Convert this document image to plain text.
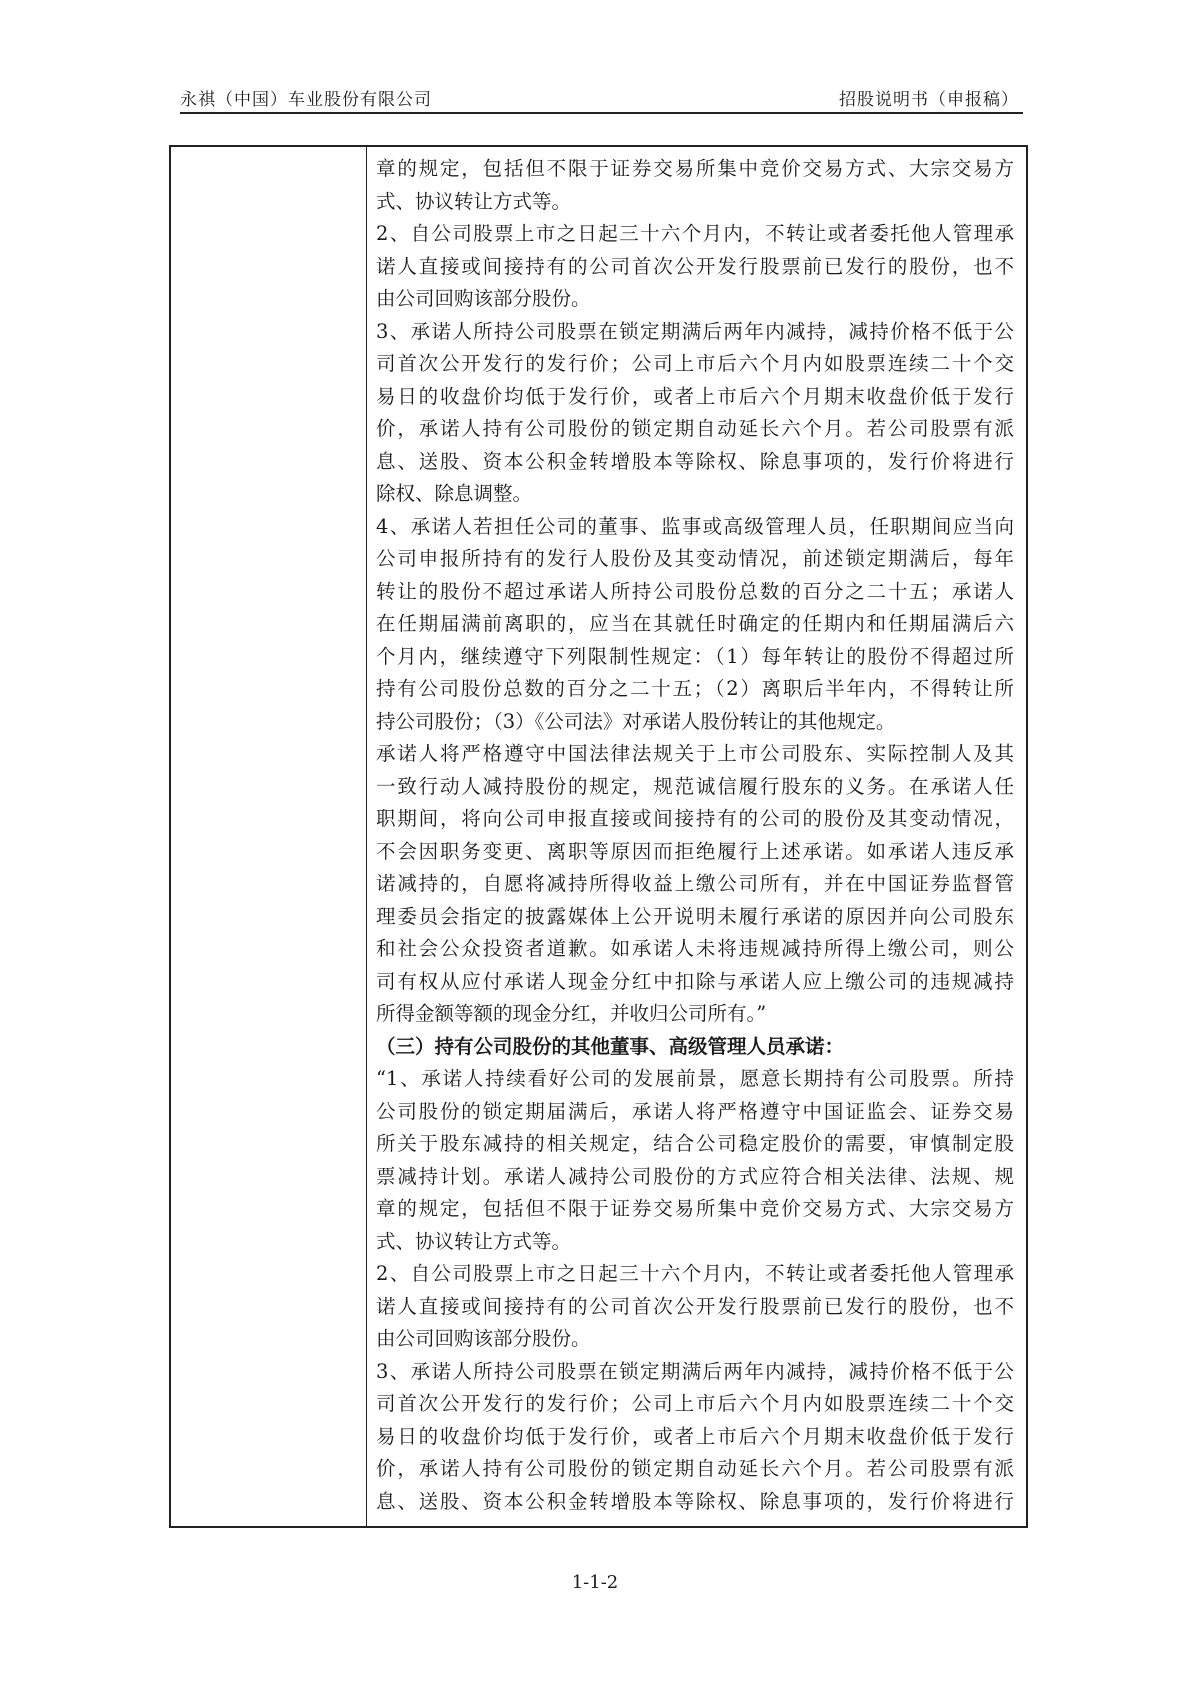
永祺（中国）车业股份有限公司	招股说明书（申报稿）
章的规定，包括但不限于证券交易所集中竞价交易方式、大宗交易方
式、协议转让方式等。
2、自公司股票上市之日起三十六个月内，不转让或者委托他人管理承
诺人直接或间接持有的公司首次公开发行股票前已发行的股份，也不
由公司回购该部分股份。
3、承诺人所持公司股票在锁定期满后两年内减持，减持价格不低于公
司首次公开发行的发行价；公司上市后六个月内如股票连续二十个交
易日的收盘价均低于发行价，或者上市后六个月期末收盘价低于发行
价，承诺人持有公司股份的锁定期自动延长六个月。若公司股票有派
息、送股、资本公积金转增股本等除权、除息事项的，发行价将进行
除权、除息调整。
4、承诺人若担任公司的董事、监事或高级管理人员，任职期间应当向
公司申报所持有的发行人股份及其变动情况，前述锁定期满后，每年
转让的股份不超过承诺人所持公司股份总数的百分之二十五；承诺人
在任期届满前离职的，应当在其就任时确定的任期内和任期届满后六
个月内，继续遵守下列限制性规定：（1）每年转让的股份不得超过所
持有公司股份总数的百分之二十五；（2）离职后半年内，不得转让所
持公司股份；（3）《公司法》对承诺人股份转让的其他规定。
承诺人将严格遵守中国法律法规关于上市公司股东、实际控制人及其
一致行动人减持股份的规定，规范诚信履行股东的义务。在承诺人任
职期间，将向公司申报直接或间接持有的公司的股份及其变动情况，
不会因职务变更、离职等原因而拒绝履行上述承诺。如承诺人违反承
诺减持的，自愿将减持所得收益上缴公司所有，并在中国证券监督管
理委员会指定的披露媒体上公开说明未履行承诺的原因并向公司股东
和社会公众投资者道歉。如承诺人未将违规减持所得上缴公司，则公
司有权从应付承诺人现金分红中扣除与承诺人应上缴公司的违规减持
所得金额等额的现金分红，并收归公司所有。”
（三）持有公司股份的其他董事、高级管理人员承诺：
“1、承诺人持续看好公司的发展前景，愿意长期持有公司股票。所持
公司股份的锁定期届满后，承诺人将严格遵守中国证监会、证券交易
所关于股东减持的相关规定，结合公司稳定股价的需要，审慎制定股
票减持计划。承诺人减持公司股份的方式应符合相关法律、法规、规
章的规定，包括但不限于证券交易所集中竞价交易方式、大宗交易方
式、协议转让方式等。
2、自公司股票上市之日起三十六个月内，不转让或者委托他人管理承
诺人直接或间接持有的公司首次公开发行股票前已发行的股份，也不
由公司回购该部分股份。
3、承诺人所持公司股票在锁定期满后两年内减持，减持价格不低于公
司首次公开发行的发行价；公司上市后六个月内如股票连续二十个交
易日的收盘价均低于发行价，或者上市后六个月期末收盘价低于发行
价，承诺人持有公司股份的锁定期自动延长六个月。若公司股票有派
息、送股、资本公积金转增股本等除权、除息事项的，发行价将进行
1-1-2
